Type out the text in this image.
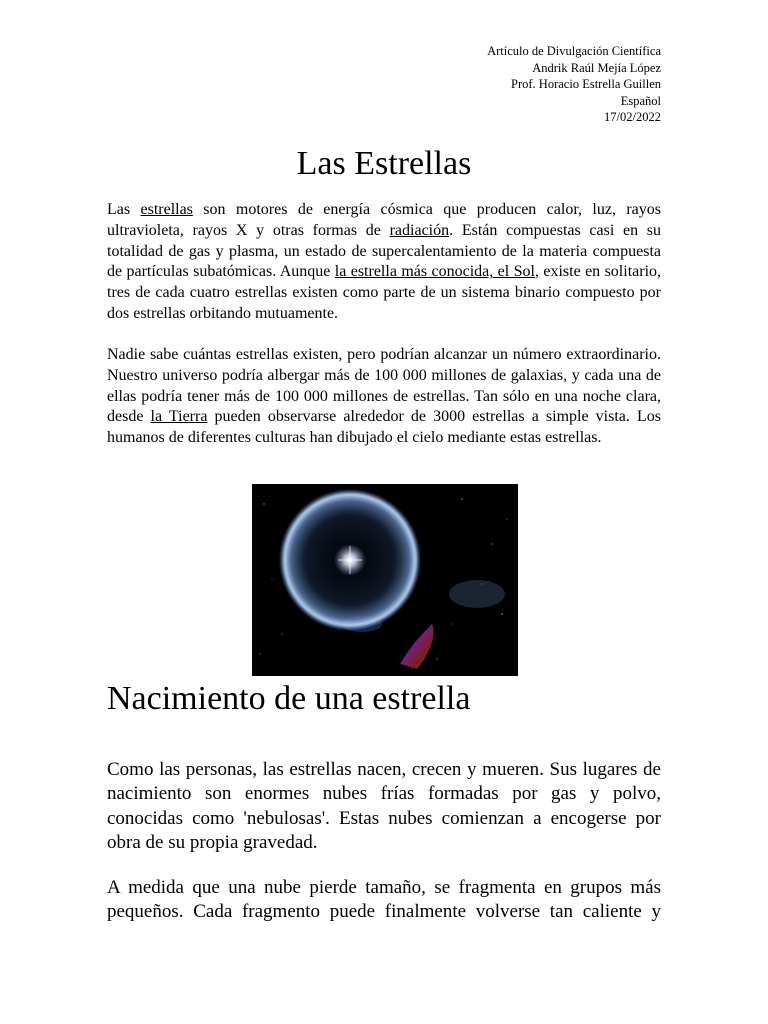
Artículo de Divulgación Científica
Andrik Raúl Mejía López
Prof. Horacio Estrella Guillen
Español
17/02/2022
Las Estrellas

Las estrellas son motores de energía cósmica que producen calor, luz, rayos ultravioleta, rayos X y otras formas de radiación. Están compuestas casi en su totalidad de gas y plasma, un estado de supercalentamiento de la materia compuesta de partículas subatómicas. Aunque la estrella más conocida, el Sol, existe en solitario, tres de cada cuatro estrellas existen como parte de un sistema binario compuesto por dos estrellas orbitando mutuamente.

Nadie sabe cuántas estrellas existen, pero podrían alcanzar un número extraordinario. Nuestro universo podría albergar más de 100 000 millones de galaxias, y cada una de ellas podría tener más de 100 000 millones de estrellas. Tan sólo en una noche clara, desde la Tierra pueden observarse alrededor de 3000 estrellas a simple vista. Los humanos de diferentes culturas han dibujado el cielo mediante estas estrellas.

Nacimiento de una estrella

Como las personas, las estrellas nacen, crecen y mueren. Sus lugares de nacimiento son enormes nubes frías formadas por gas y polvo, conocidas como 'nebulosas'. Estas nubes comienzan a encogerse por obra de su propia gravedad.

A medida que una nube pierde tamaño, se fragmenta en grupos más pequeños. Cada fragmento puede finalmente volverse tan caliente y
